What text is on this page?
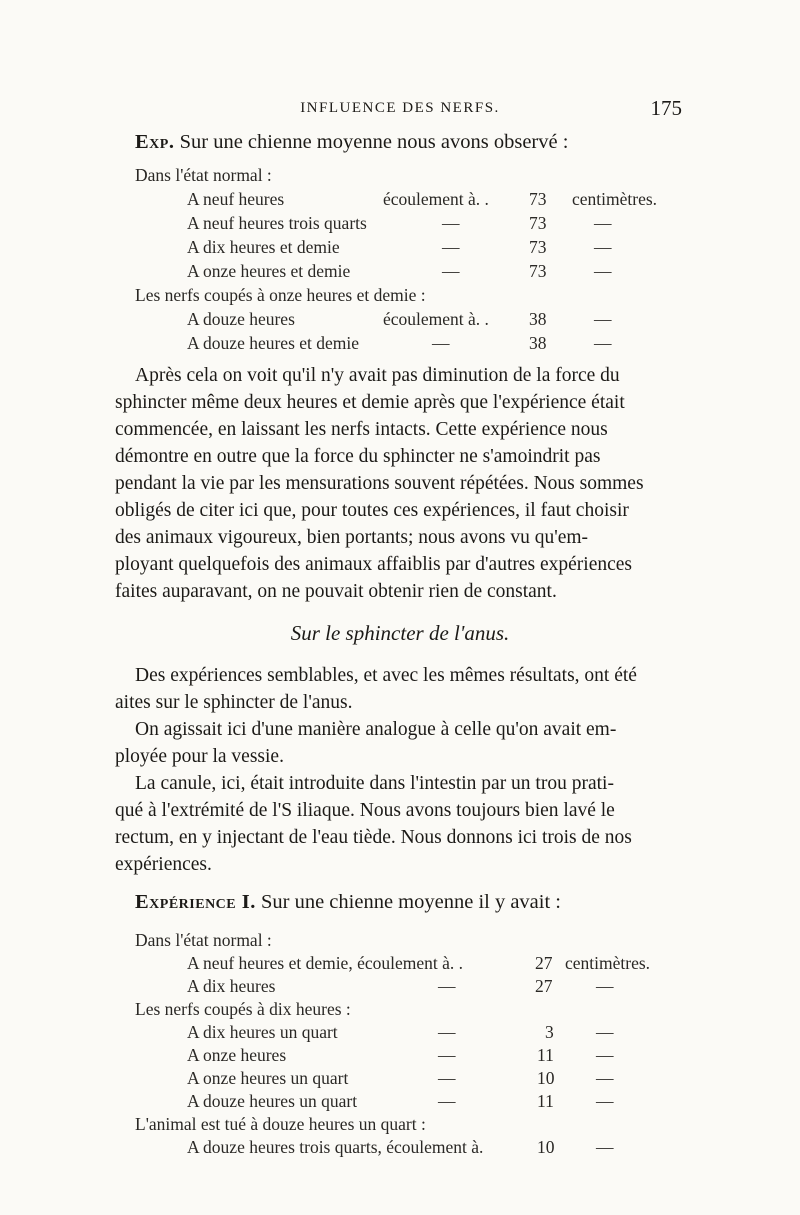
INFLUENCE DES NERFS.	175
Exp. Sur une chienne moyenne nous avons observé :
Dans l'état normal :
A neuf heures	écoulement à. . 73 centimètres.
A neuf heures trois quarts	—	73	—
A dix heures et demie	—	73	—
A onze heures et demie	—	73	—
Les nerfs coupés à onze heures et demie :
A douze heures	écoulement à. . 38	—
A douze heures et demie	—	38	—
Après cela on voit qu'il n'y avait pas diminution de la force du
sphincter même deux heures et demie après que l'expérience était
commencée, en laissant les nerfs intacts. Cette expérience nous
démontre en outre que la force du sphincter ne s'amoindrit pas
pendant la vie par les mensurations souvent répétées. Nous sommes
obligés de citer ici que, pour toutes ces expériences, il faut choisir
des animaux vigoureux, bien portants; nous avons vu qu'em-
ployant quelquefois des animaux affaiblis par d'autres expériences
faites auparavant, on ne pouvait obtenir rien de constant.
Sur le sphincter de l'anus.
Des expériences semblables, et avec les mêmes résultats, ont été
aites sur le sphincter de l'anus.
On agissait ici d'une manière analogue à celle qu'on avait em-
ployée pour la vessie.
La canule, ici, était introduite dans l'intestin par un trou prati-
qué à l'extrémité de l'S iliaque. Nous avons toujours bien lavé le
rectum, en y injectant de l'eau tiède. Nous donnons ici trois de nos
expériences.
Expérience I. Sur une chienne moyenne il y avait :
Dans l'état normal :
A neuf heures et demie, écoulement à. .	27 centimètres.
A dix heures	—	27 —
Les nerfs coupés à dix heures :
A dix heures un quart	—	3 —
A onze heures	—	11 —
A onze heures un quart	—	10 —
A douze heures un quart	—	11 —
L'animal est tué à douze heures un quart :
A douze heures trois quarts, écoulement à.	10 —
